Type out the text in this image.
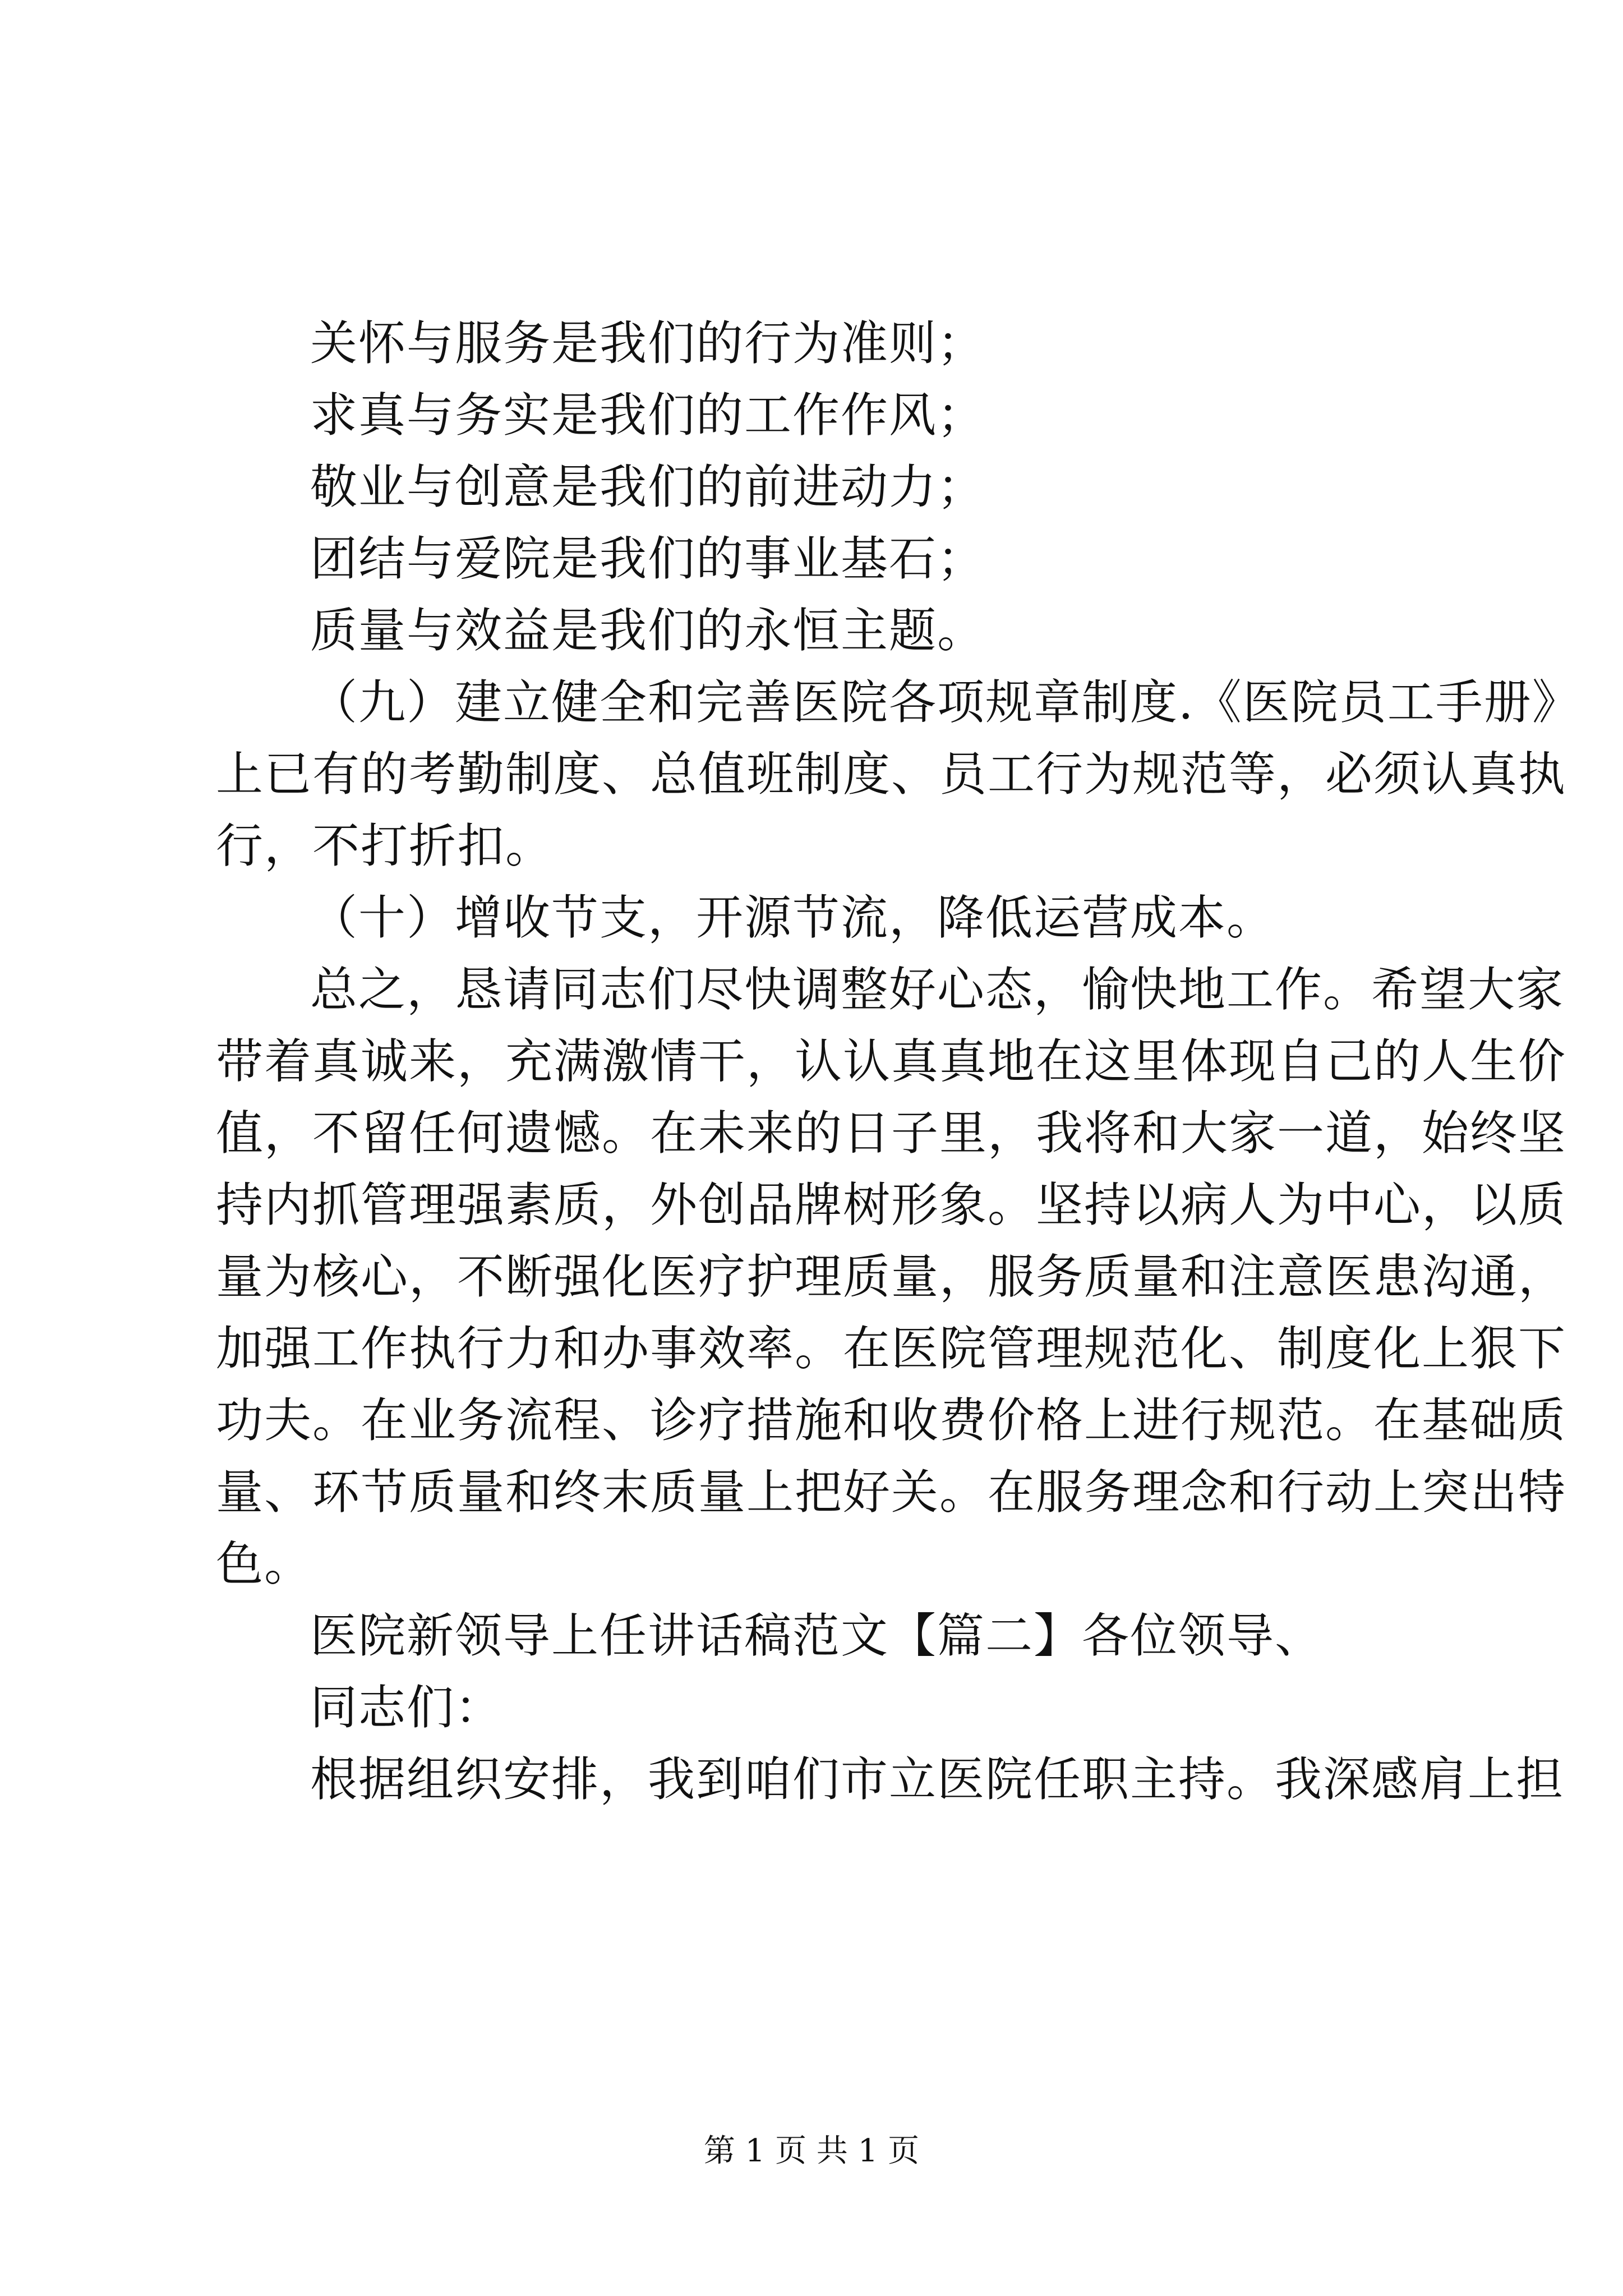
关怀与服务是我们的行为准则；
求真与务实是我们的工作作风；
敬业与创意是我们的前进动力；
团结与爱院是我们的事业基石；
质量与效益是我们的永恒主题。
（九）建立健全和完善医院各项规章制度.《医院员工手册》
上已有的考勤制度、总值班制度、员工行为规范等，必须认真执
行，不打折扣。
（十）增收节支，开源节流，降低运营成本。
总之，恳请同志们尽快调整好心态，愉快地工作。希望大家
带着真诚来，充满激情干，认认真真地在这里体现自己的人生价
值，不留任何遗憾。在未来的日子里，我将和大家一道，始终坚
持内抓管理强素质，外创品牌树形象。坚持以病人为中心，以质
量为核心，不断强化医疗护理质量，服务质量和注意医患沟通，
加强工作执行力和办事效率。在医院管理规范化、制度化上狠下
功夫。在业务流程、诊疗措施和收费价格上进行规范。在基础质
量、环节质量和终末质量上把好关。在服务理念和行动上突出特
色。
医院新领导上任讲话稿范文【篇二】各位领导、
同志们：
根据组织安排，我到咱们市立医院任职主持。我深感肩上担
第 1 页 共 1 页
